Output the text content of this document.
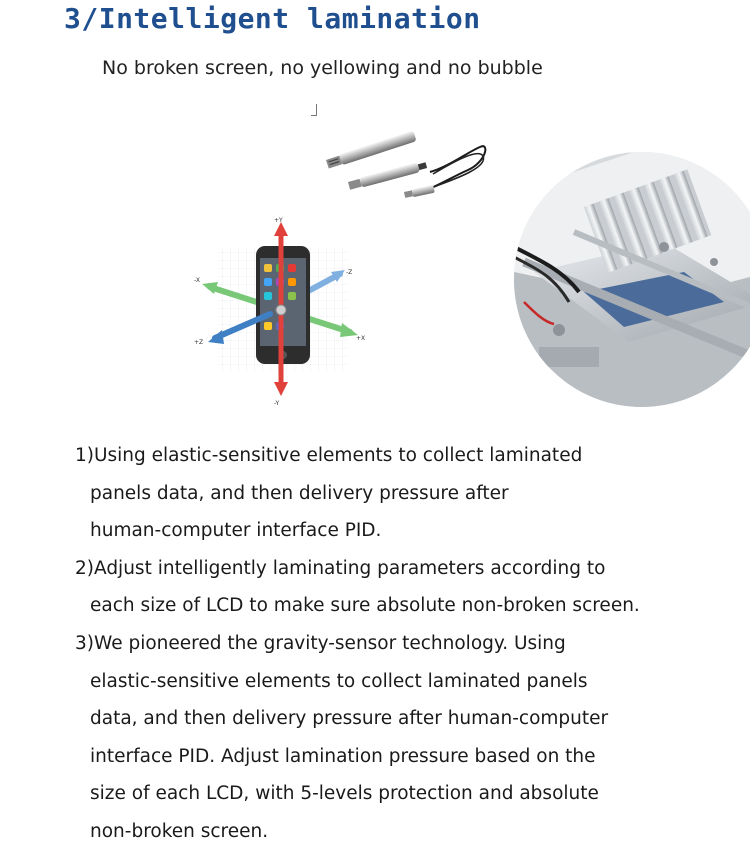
3/Intelligent lamination
No broken screen, no yellowing and no bubble
+Y
-Y
+X
-X
+Z
-Z
1)Using elastic-sensitive elements to collect laminated
panels data, and then delivery pressure after
human-computer interface PID.
2)Adjust intelligently laminating parameters according to
each size of LCD to make sure absolute non-broken screen.
3)We pioneered the gravity-sensor technology. Using
elastic-sensitive elements to collect laminated panels
data, and then delivery pressure after human-computer
interface PID. Adjust lamination pressure based on the
size of each LCD, with 5-levels protection and absolute
non-broken screen.
